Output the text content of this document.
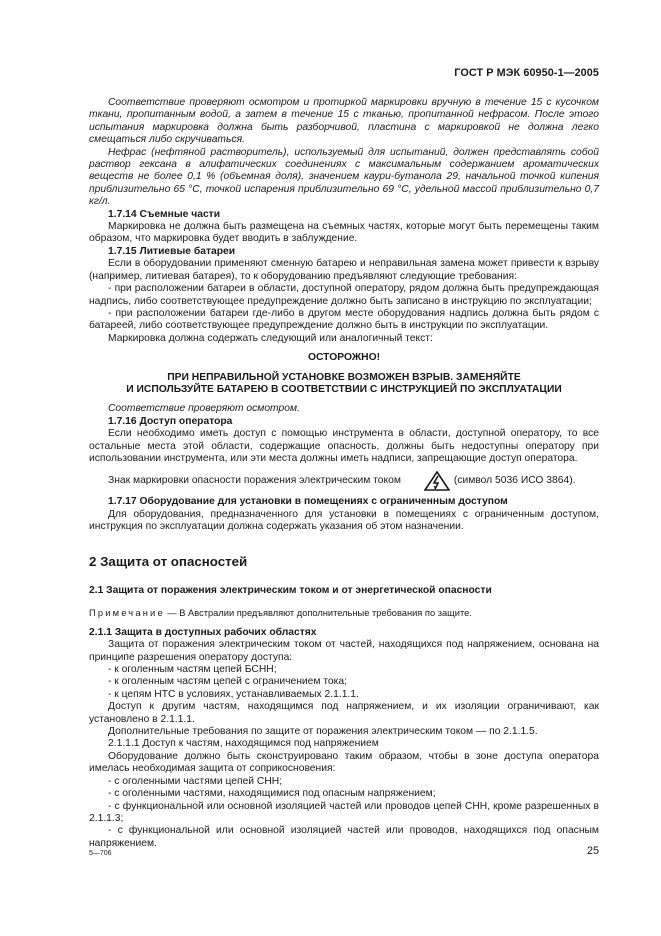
ГОСТ Р МЭК 60950-1—2005

Соответствие проверяют осмотром и протиркой маркировки вручную в течение 15 с кусочком ткани, пропитанным водой, а затем в течение 15 с тканью, пропитанной нефрасом. После этого испытания маркировка должна быть разборчивой, пластина с маркировкой не должна легко смещаться либо скручиваться.

Нефрас (нефтяной растворитель), используемый для испытаний, должен представлять собой раствор гексана в алифатических соединениях с максимальным содержанием ароматических веществ не более 0,1 % (объемная доля), значением каури-бутанола 29, начальной точкой кипения приблизительно 65 °С, точкой испарения приблизительно 69 °С, удельной массой приблизительно 0,7 кг/л.

1.7.14 Съемные части

Маркировка не должна быть размещена на съемных частях, которые могут быть перемещены таким образом, что маркировка будет вводить в заблуждение.

1.7.15 Литиевые батареи

Если в оборудовании применяют сменную батарею и неправильная замена может привести к взрыву (например, литиевая батарея), то к оборудованию предъявляют следующие требования:

- при расположении батареи в области, доступной оператору, рядом должна быть предупреждающая надпись, либо соответствующее предупреждение должно быть записано в инструкцию по эксплуатации;

- при расположении батареи где-либо в другом месте оборудования надпись должна быть рядом с батареей, либо соответствующее предупреждение должно быть в инструкции по эксплуатации.

Маркировка должна содержать следующий или аналогичный текст:

ОСТОРОЖНО!

ПРИ НЕПРАВИЛЬНОЙ УСТАНОВКЕ ВОЗМОЖЕН ВЗРЫВ. ЗАМЕНЯЙТЕ

И ИСПОЛЬЗУЙТЕ БАТАРЕЮ В СООТВЕТСТВИИ С ИНСТРУКЦИЕЙ ПО ЭКСПЛУАТАЦИИ

Соответствие проверяют осмотром.

1.7.16 Доступ оператора

Если необходимо иметь доступ с помощью инструмента в области, доступной оператору, то все остальные места этой области, содержащие опасность, должны быть недоступны оператору при использовании инструмента, или эти места должны иметь надписи, запрещающие доступ оператора.

Знак маркировки опасности поражения электрическим током	(символ 5036 ИСО 3864).

1.7.17 Оборудование для установки в помещениях с ограниченным доступом

Для оборудования, предназначенного для установки в помещениях с ограниченным доступом, инструкция по эксплуатации должна содержать указания об этом назначении.

2 Защита от опасностей

2.1 Защита от поражения электрическим током и от энергетической опасности

Примечание — В Австралии предъявляют дополнительные требования по защите.

2.1.1 Защита в доступных рабочих областях

Защита от поражения электрическим током от частей, находящихся под напряжением, основана на принципе разрешения оператору доступа:

- к оголенным частям цепей БСНН;

- к оголенным частям цепей с ограничением тока;

- к цепям НТС в условиях, устанавливаемых 2.1.1.1.

Доступ к другим частям, находящимся под напряжением, и их изоляции ограничивают, как установлено в 2.1.1.1.

Дополнительные требования по защите от поражения электрическим током — по 2.1.1.5.

2.1.1.1 Доступ к частям, находящимся под напряжением

Оборудование должно быть сконструировано таким образом, чтобы в зоне доступа оператора имелась необходимая защита от соприкосновения:

- с оголенными частями цепей СНН;

- с оголенными частями, находящимися под опасным напряжением;

- с функциональной или основной изоляцией частей или проводов цепей СНН, кроме разрешенных в 2.1.1.3;

- с функциональной или основной изоляцией частей или проводов, находящихся под опасным напряжением.

5—706	25
